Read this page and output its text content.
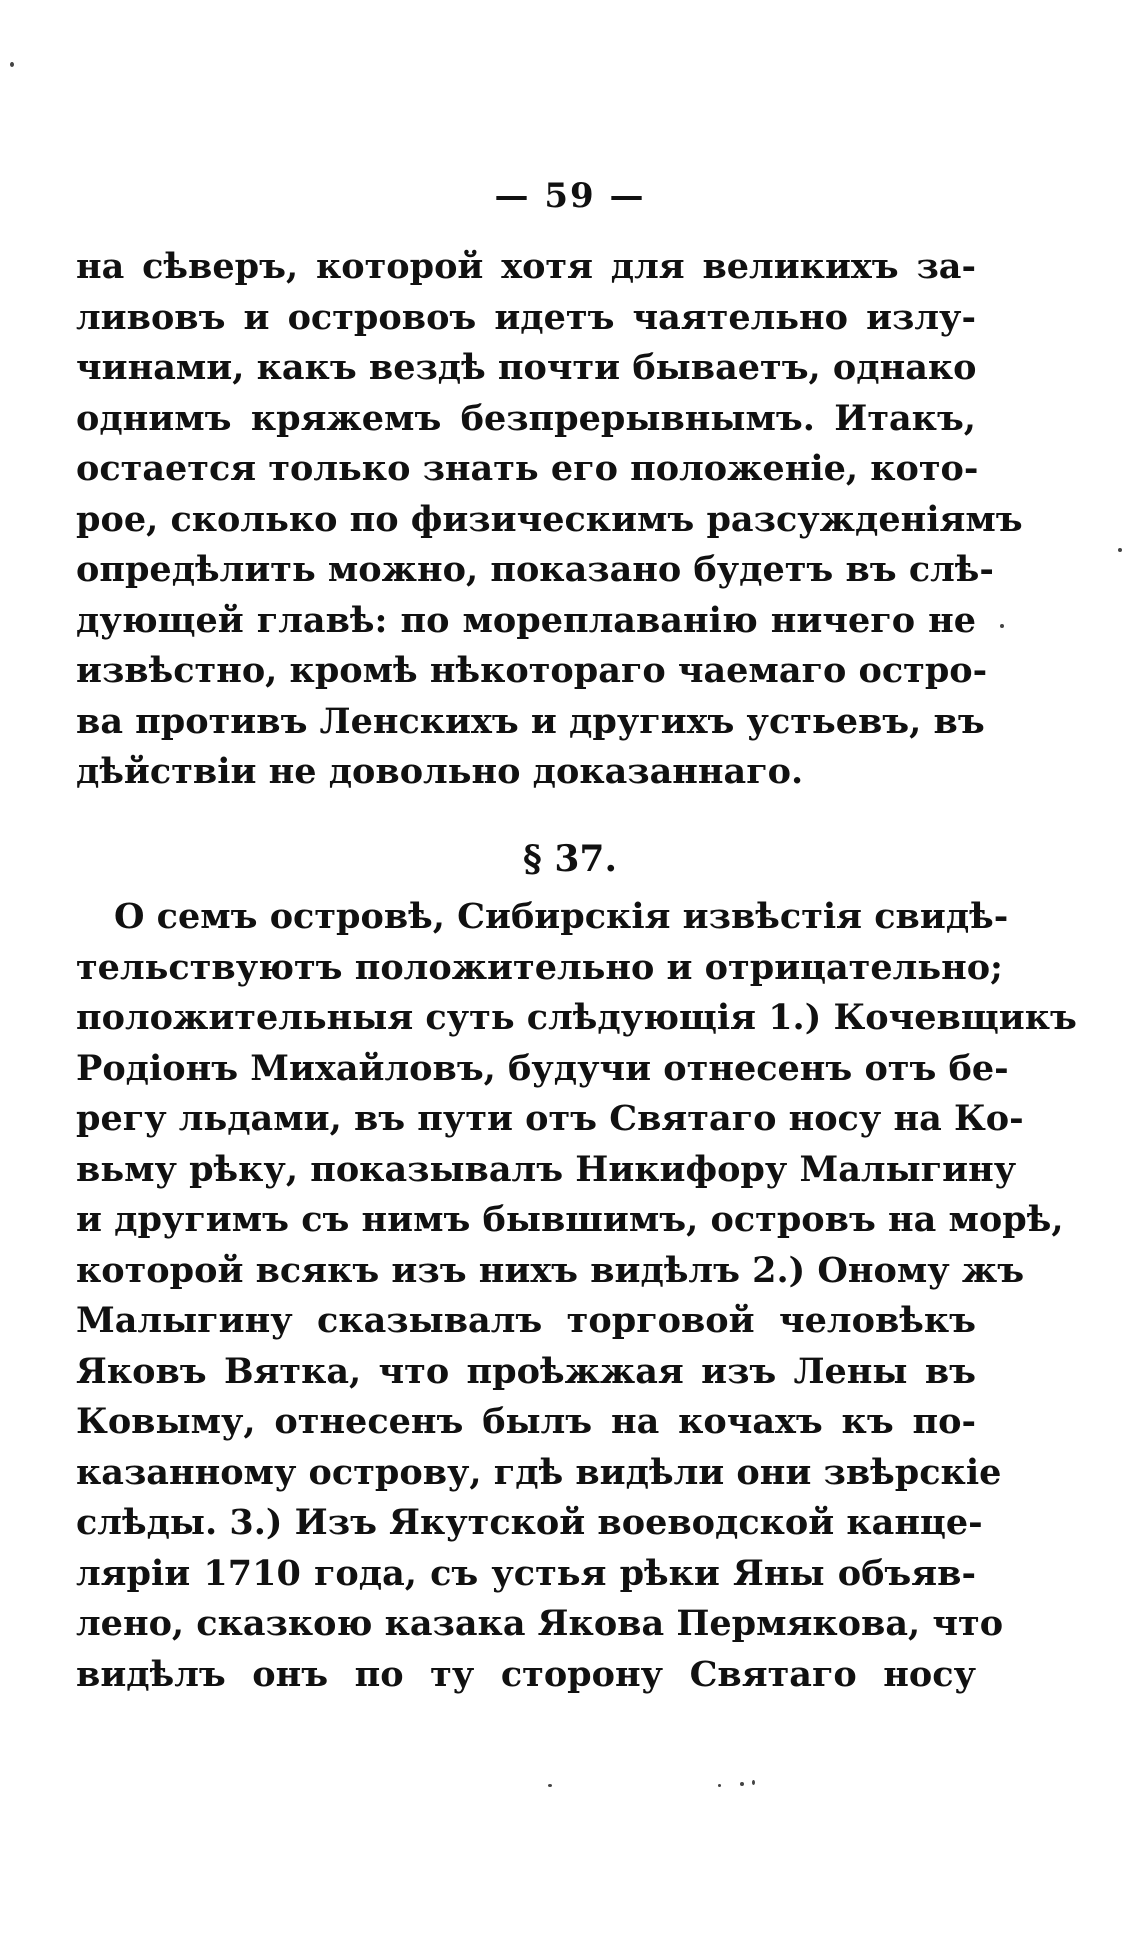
— 59 —
на сѣверъ, которой хотя для великихъ за-
ливовъ и островоъ идетъ чаятельно излу-
чинами, какъ вездѣ почти бываетъ, однако
однимъ кряжемъ безпрерывнымъ. Итакъ,
остается только знать его положеніе, кото-
рое, сколько по физическимъ разсужденіямъ
опредѣлить можно, показано будетъ въ слѣ-
дующей главѣ: по мореплаванію ничего не
извѣстно, кромѣ нѣкотораго чаемаго остро-
ва противъ Ленскихъ и другихъ устьевъ, въ
дѣйствіи не довольно доказаннаго.
§ 37.
О семъ островѣ, Сибирскія извѣстія свидѣ-
тельствуютъ положительно и отрицательно;
положительныя суть слѣдующія 1.) Кочевщикъ
Родіонъ Михайловъ, будучи отнесенъ отъ бе-
регу льдами, въ пути отъ Святаго носу на Ко-
вьму рѣку, показывалъ Никифору Малыгину
и другимъ съ нимъ бывшимъ, островъ на морѣ,
которой всякъ изъ нихъ видѣлъ 2.) Оному жъ
Малыгину сказывалъ торговой человѣкъ
Яковъ Вятка, что проѣжжая изъ Лены въ
Ковыму, отнесенъ былъ на кочахъ къ по-
казанному острову, гдѣ видѣли они звѣрскіе
слѣды. 3.) Изъ Якутской воеводской канце-
ляріи 1710 года, съ устья рѣки Яны объяв-
лено, сказкою казака Якова Пермякова, что
видѣлъ онъ по ту сторону Святаго носу
